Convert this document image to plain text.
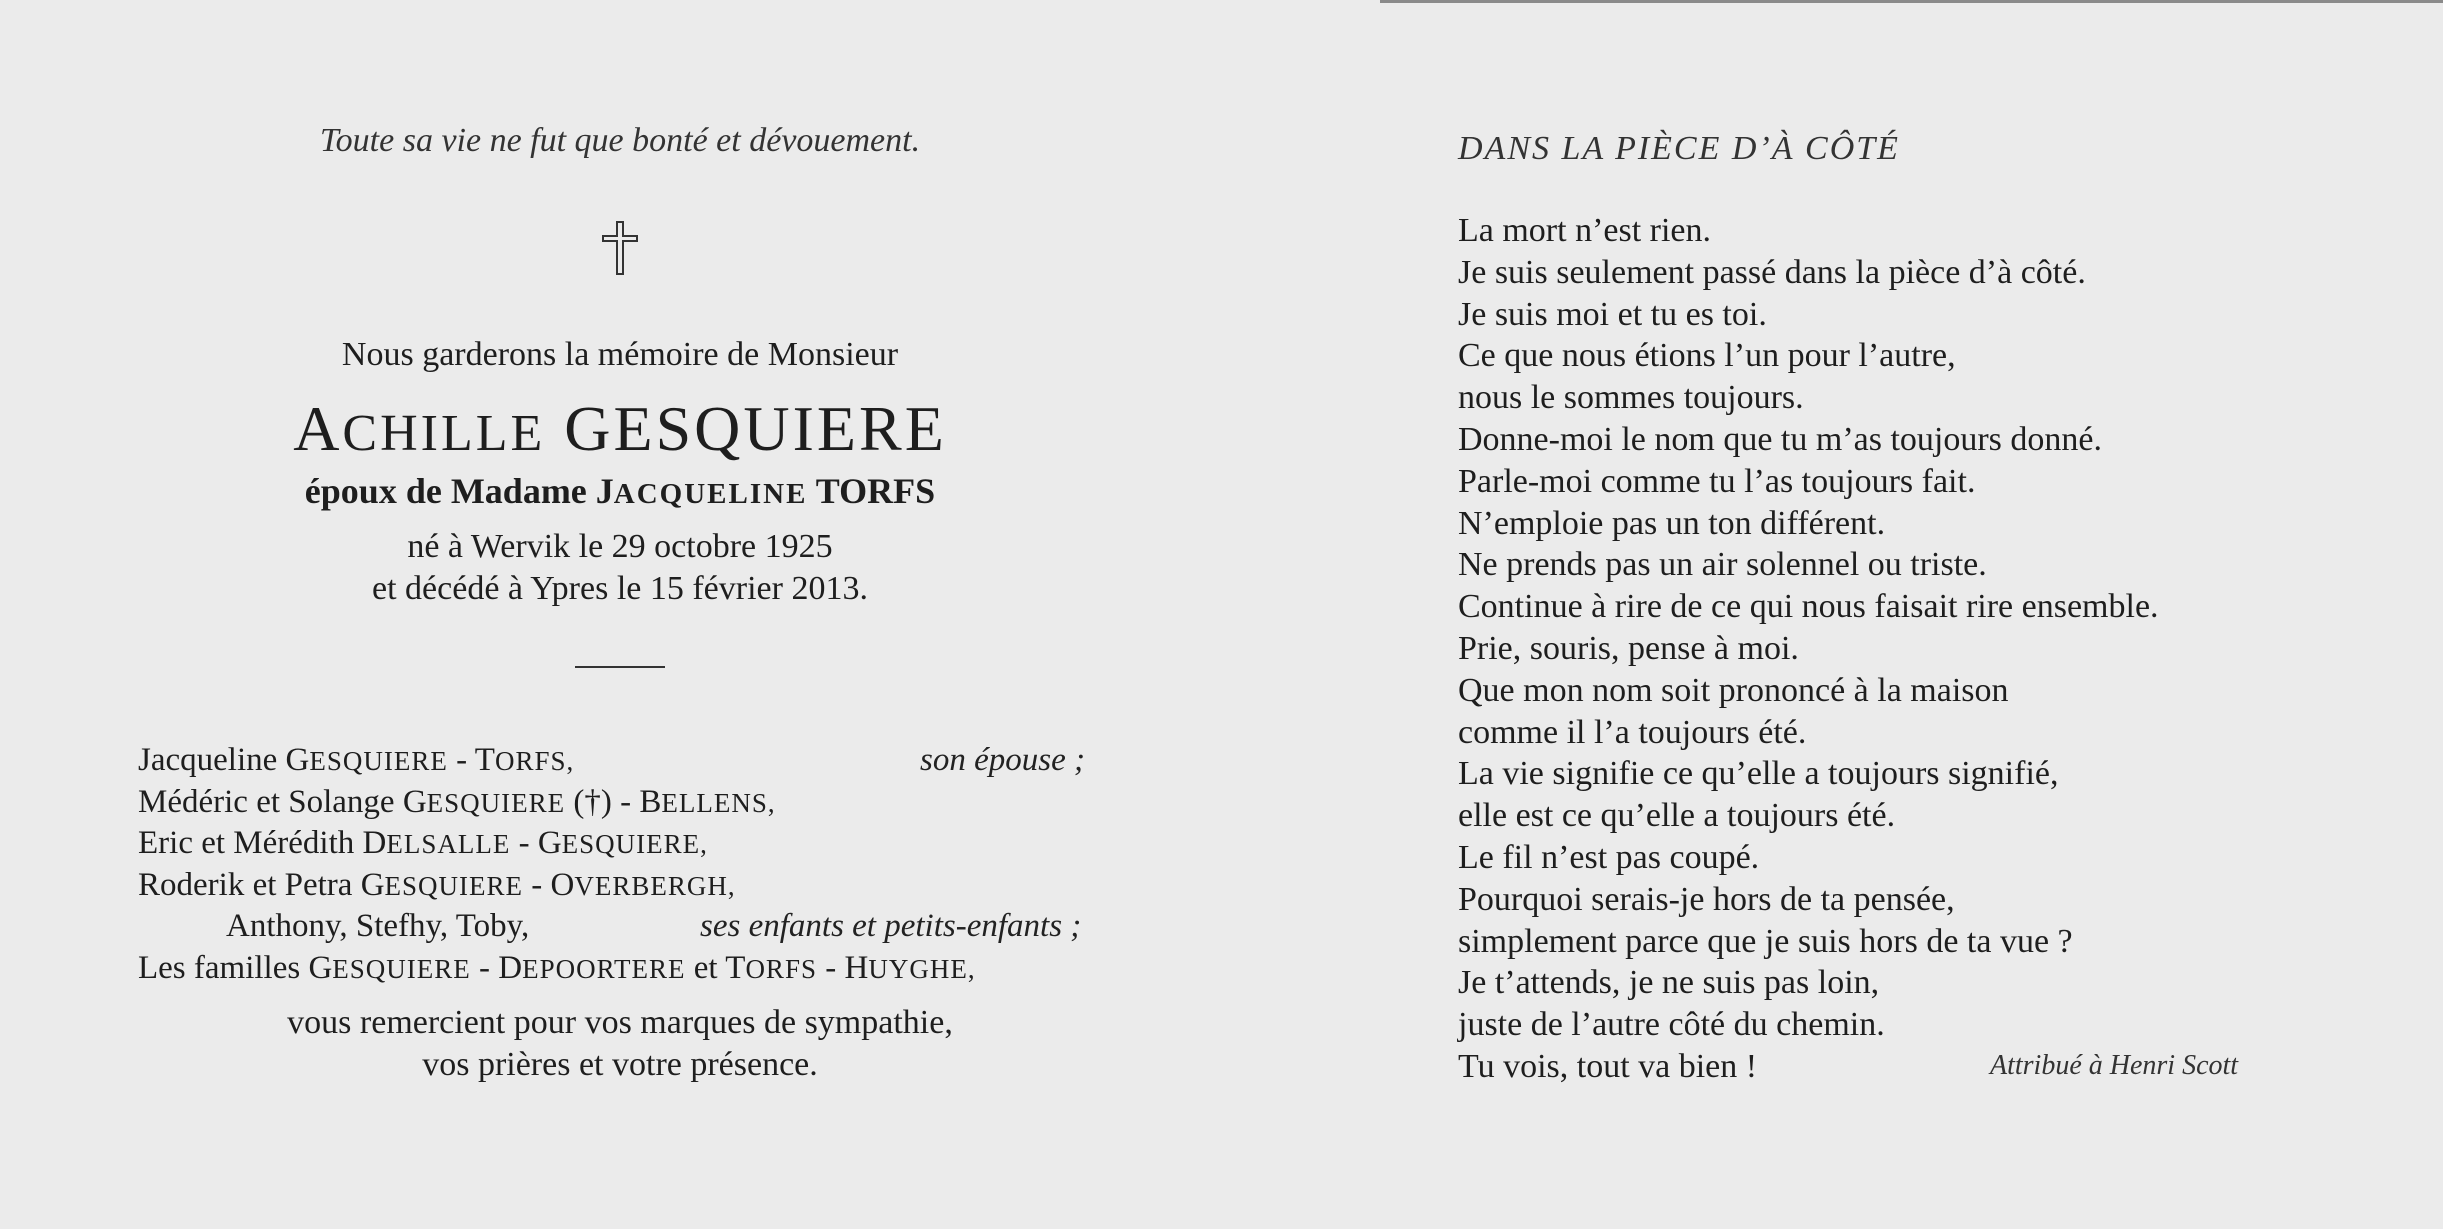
Toute sa vie ne fut que bonté et dévouement.
Nous garderons la mémoire de Monsieur
ACHILLE GESQUIERE
époux de Madame JACQUELINE TORFS
né à Wervik le 29 octobre 1925
et décédé à Ypres le 15 février 2013.
Jacqueline GESQUIERE - TORFS,	son épouse ;
Médéric et Solange GESQUIERE (†) - BELLENS,
Eric et Mérédith DELSALLE - GESQUIERE,
Roderik et Petra GESQUIERE - OVERBERGH,
Anthony, Stefhy, Toby,	ses enfants et petits-enfants ;
Les familles GESQUIERE - DEPOORTERE et TORFS - HUYGHE,
vous remercient pour vos marques de sympathie,
vos prières et votre présence.
DANS LA PIÈCE D’À CÔTÉ
La mort n’est rien.
Je suis seulement passé dans la pièce d’à côté.
Je suis moi et tu es toi.
Ce que nous étions l’un pour l’autre,
nous le sommes toujours.
Donne-moi le nom que tu m’as toujours donné.
Parle-moi comme tu l’as toujours fait.
N’emploie pas un ton différent.
Ne prends pas un air solennel ou triste.
Continue à rire de ce qui nous faisait rire ensemble.
Prie, souris, pense à moi.
Que mon nom soit prononcé à la maison
comme il l’a toujours été.
La vie signifie ce qu’elle a toujours signifié,
elle est ce qu’elle a toujours été.
Le fil n’est pas coupé.
Pourquoi serais-je hors de ta pensée,
simplement parce que je suis hors de ta vue ?
Je t’attends, je ne suis pas loin,
juste de l’autre côté du chemin.
Tu vois, tout va bien !	Attribué à Henri Scott
